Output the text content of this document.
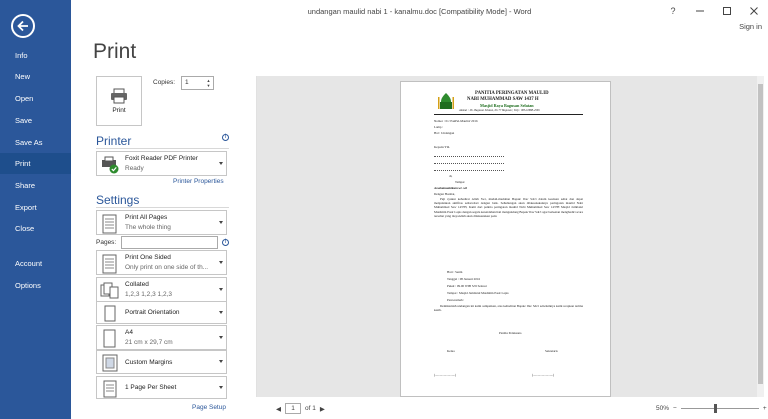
Info
New
Open
Save
Save As
Print
Share
Export
Close
Account
Options
undangan maulid nabi 1 - kanalmu.doc [Compatibility Mode] - Word	?
Sign in
Print
Print
Copies:	1	▲
▼
Printer	i
Foxit Reader PDF Printer
Ready
Printer Properties
Settings
Print All Pages
The whole thing
Pages:	i
Print One Sided
Only print on one side of th...
Collated
1,2,3 1,2,3 1,2,3
Portrait Orientation
A4
21 cm x 29,7 cm
Custom Margins
1 Page Per Sheet
Page Setup
PANITIA PERINGATAN MAULID
NABI MUHAMMAD SAW 1437 H
Masjid Raya Bagusan Selatan
Alamat : Jln. Bagusan Selatan, No 77 Bagusan | Telp : 0854-0888-4566
Nomor : 01/ PanPel-Maulid/ 2016
Lamp :
Hal : Undangan
Kepada Yth.
di,
Tempat
Assalamualaikum wr. wb
Dengan Hormat,
Puji syukur kehadirat Allah Swt, mudah-mudahan Bapak/ Ibu/ Sdr/i dalam keadaan sehat dan dapat menjalankan aktifitas sehari-hari dengan baik. Sehubungan akan dilaksanakannya peringatan maulid Nabi Muhammad Saw 1437H, Kami dari panitia peringatan maulid Nabi Muhammad Saw 1437H Masjid Jamilatul Muslimin Pasir Lapis dengan segala kerendahan hati mengundang Bapak/ Ibu/ Sdr/i agar berkenan menghadiri acara tersebut yang insyaAllah akan dilaksanakan pada
Hari : Senin
Tanggal : 08 Januari 2016
Pukul : 09.00 WIB S/D Selesai
Tempat : Masjid Jamilatul Muslimin Pasir Lapis
Penceramah :
Demikianlah undangan ini kami sampaikan, atas kehadiran Bapak/ Ibu/ Sdr/i sebelumnya kami ucapkan terima kasih.
Panitia Pelaksana
Ketua	Sekretaris
(.........................)	(.........................)
◀	1	of 1 ▶	50% −	+
